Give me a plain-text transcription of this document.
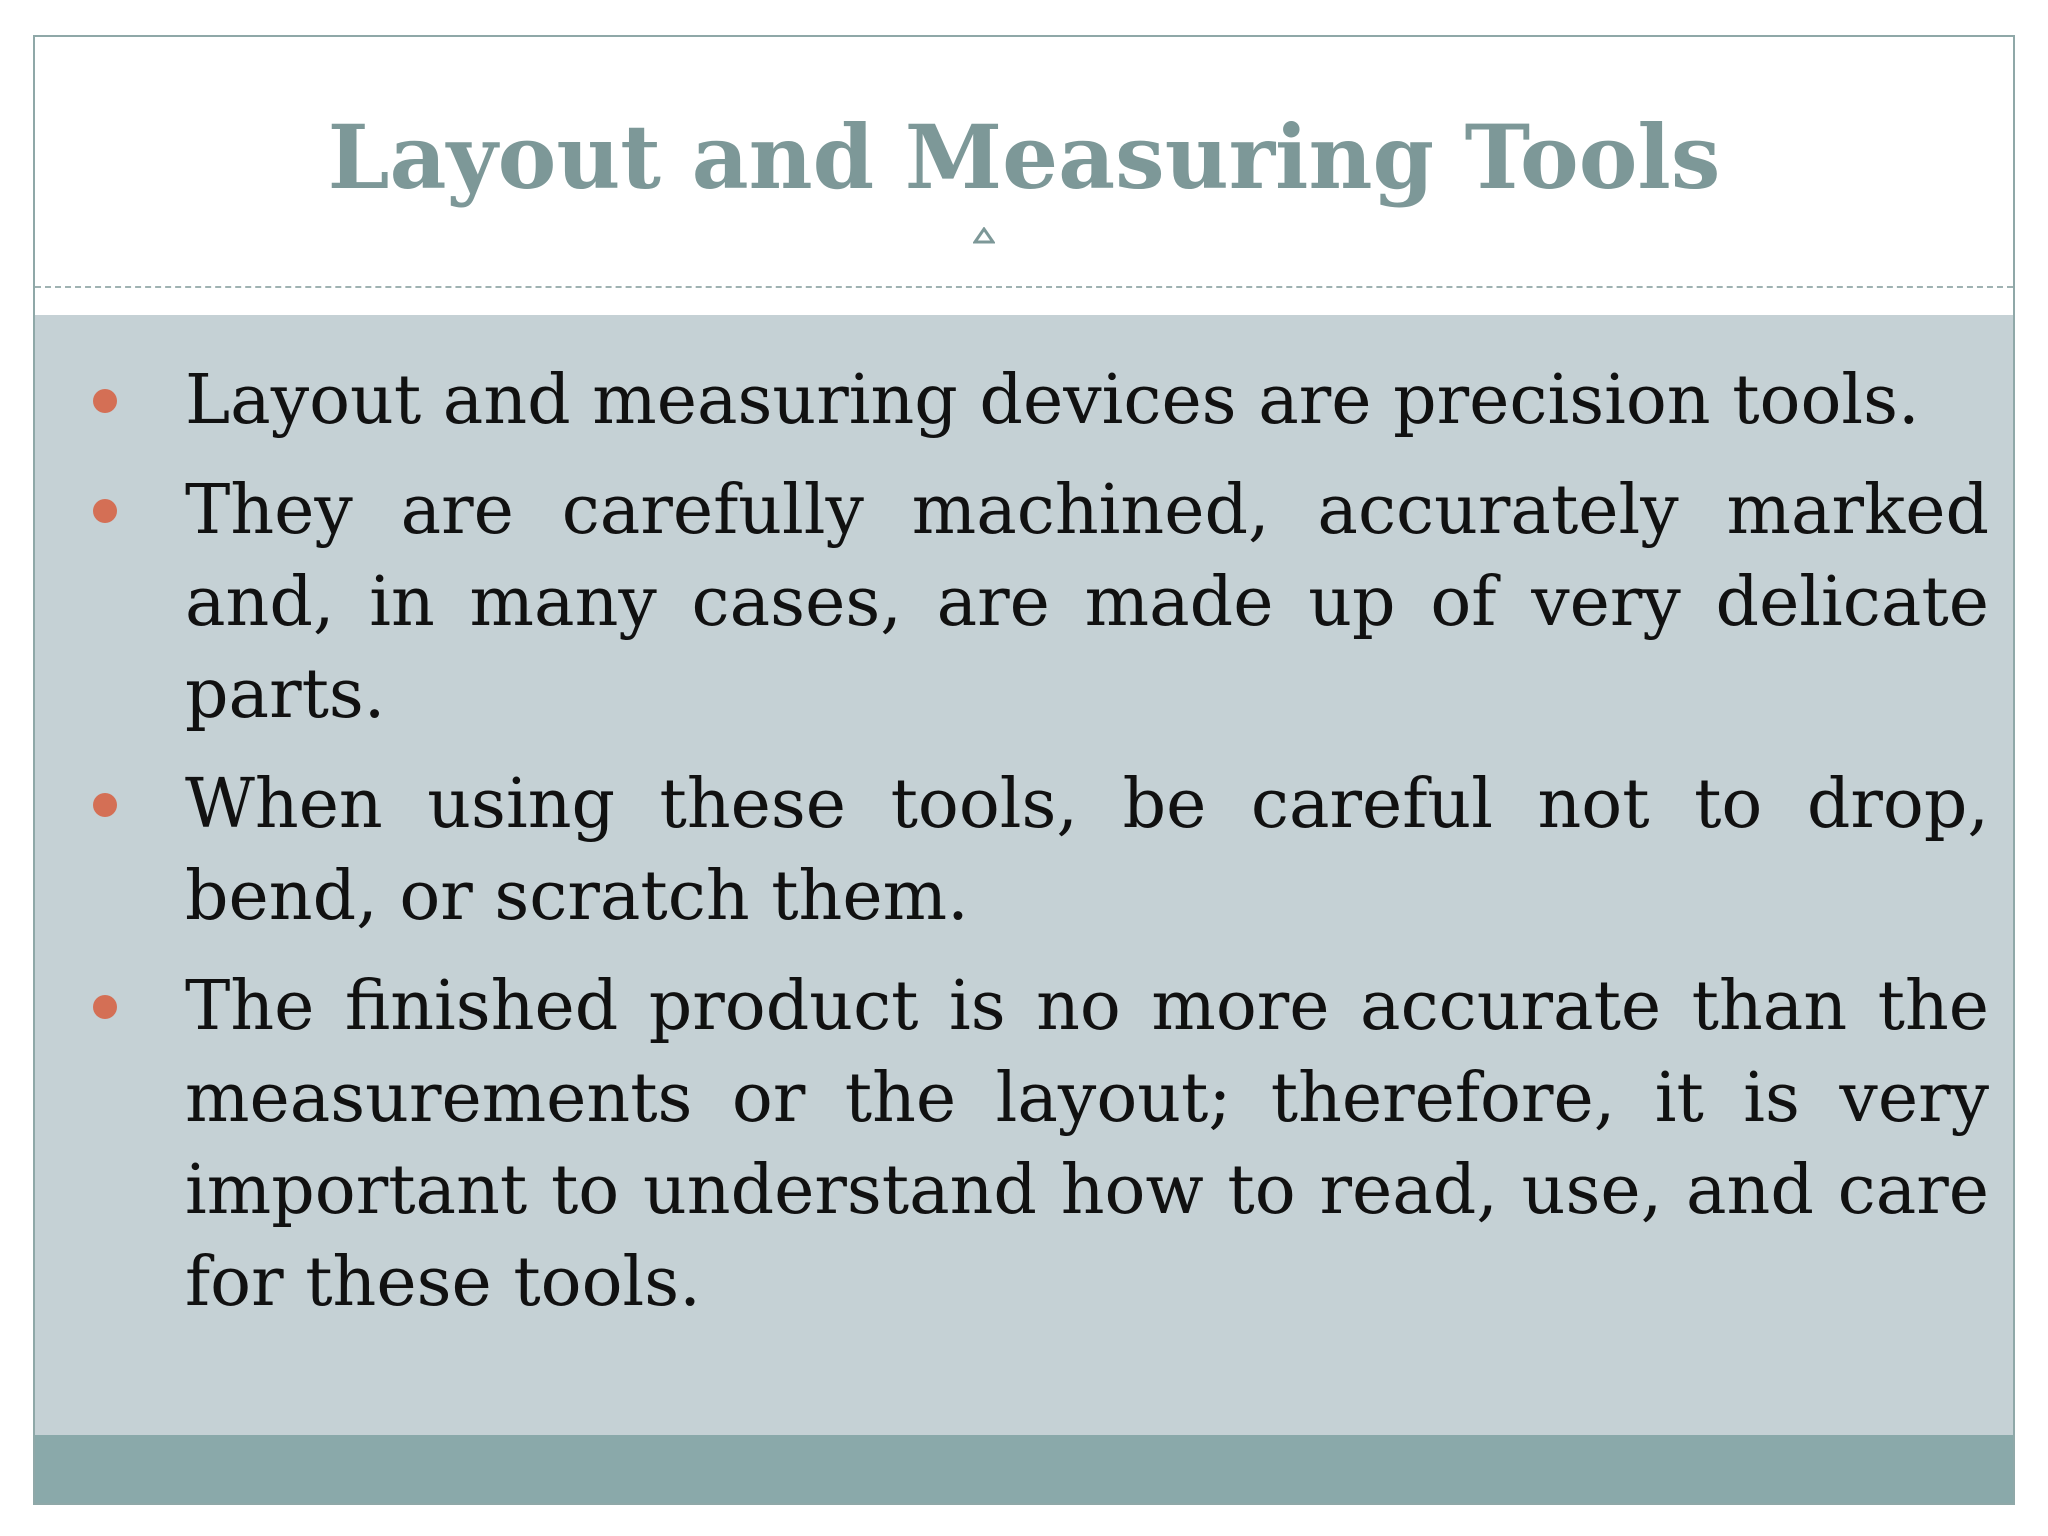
Layout and Measuring Tools
Layout and measuring devices are precision tools.
They are carefully machined, accurately marked and, in many cases, are made up of very delicate parts.
When using these tools, be careful not to drop, bend, or scratch them.
The finished product is no more accurate than the measurements or the layout; therefore, it is very important to understand how to read, use, and care for these tools.
